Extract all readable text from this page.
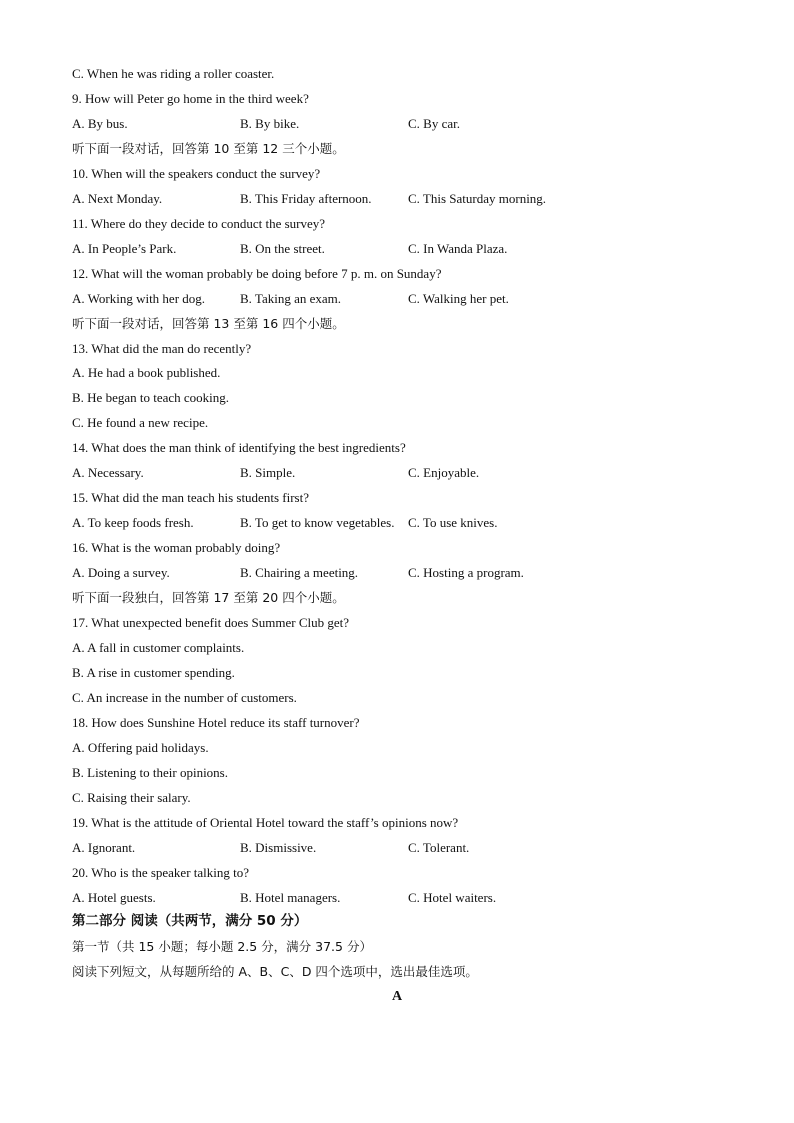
C. When he was riding a roller coaster.
9. How will Peter go home in the third week?
A. By bus.	B. By bike.	C. By car.
听下面一段对话，回答第 10 至第 12 三个小题。
10. When will the speakers conduct the survey?
A. Next Monday.	B. This Friday afternoon.	C. This Saturday morning.
11. Where do they decide to conduct the survey?
A. In People’s Park.	B. On the street.	C. In Wanda Plaza.
12. What will the woman probably be doing before 7 p. m. on Sunday?
A. Working with her dog.	B. Taking an exam.	C. Walking her pet.
听下面一段对话，回答第 13 至第 16 四个小题。
13. What did the man do recently?
A. He had a book published.
B. He began to teach cooking.
C. He found a new recipe.
14. What does the man think of identifying the best ingredients?
A. Necessary.	B. Simple.	C. Enjoyable.
15. What did the man teach his students first?
A. To keep foods fresh.	B. To get to know vegetables. C. To use knives.
16. What is the woman probably doing?
A. Doing a survey.	B. Chairing a meeting.	C. Hosting a program.
听下面一段独白，回答第 17 至第 20 四个小题。
17. What unexpected benefit does Summer Club get?
A. A fall in customer complaints.
B. A rise in customer spending.
C. An increase in the number of customers.
18. How does Sunshine Hotel reduce its staff turnover?
A. Offering paid holidays.
B. Listening to their opinions.
C. Raising their salary.
19. What is the attitude of Oriental Hotel toward the staff’s opinions now?
A. Ignorant.	B. Dismissive.	C. Tolerant.
20. Who is the speaker talking to?
A. Hotel guests.	B. Hotel managers.	C. Hotel waiters.
第二部分 阅读（共两节，满分 50 分）
第一节（共 15 小题；每小题 2.5 分，满分 37.5 分）
阅读下列短文，从每题所给的 A、B、C、D 四个选项中，选出最佳选项。
A
